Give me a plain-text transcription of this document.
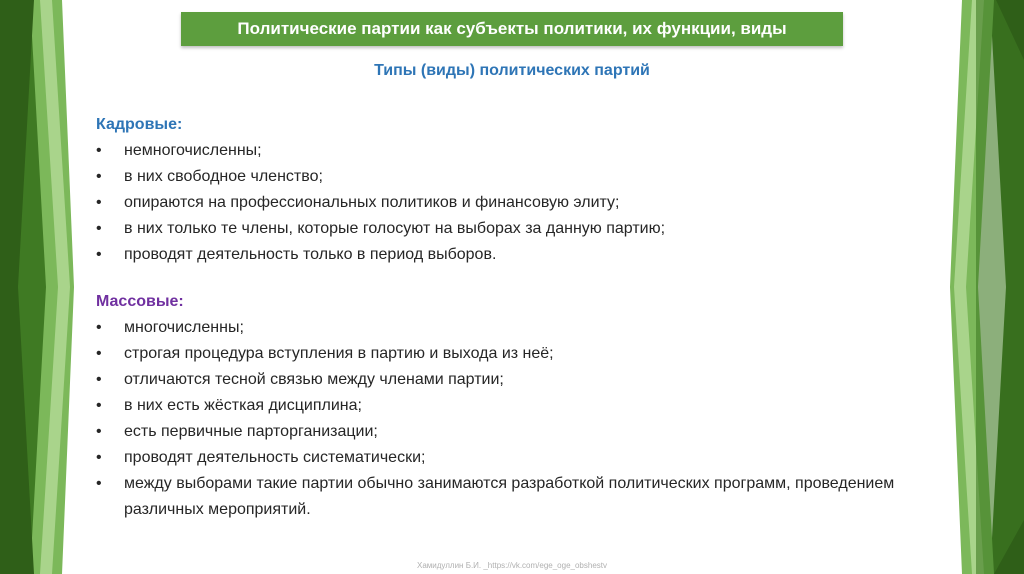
Политические партии как субъекты политики, их функции, виды
Типы (виды) политических партий
Кадровые:
• немногочисленны;
• в них свободное членство;
• опираются на профессиональных политиков и финансовую элиту;
• в них только те члены, которые голосуют на выборах за данную партию;
• проводят деятельность только в период выборов.
Массовые:
• многочисленны;
• строгая процедура вступления в партию и выхода из неё;
• отличаются тесной связью между членами партии;
• в них есть жёсткая дисциплина;
• есть первичные парторганизации;
• проводят деятельность систематически;
• между выборами такие партии обычно занимаются разработкой политических программ, проведением различных мероприятий.
Хамидуллин Б.И. _https://vk.com/ege_oge_obshestv
